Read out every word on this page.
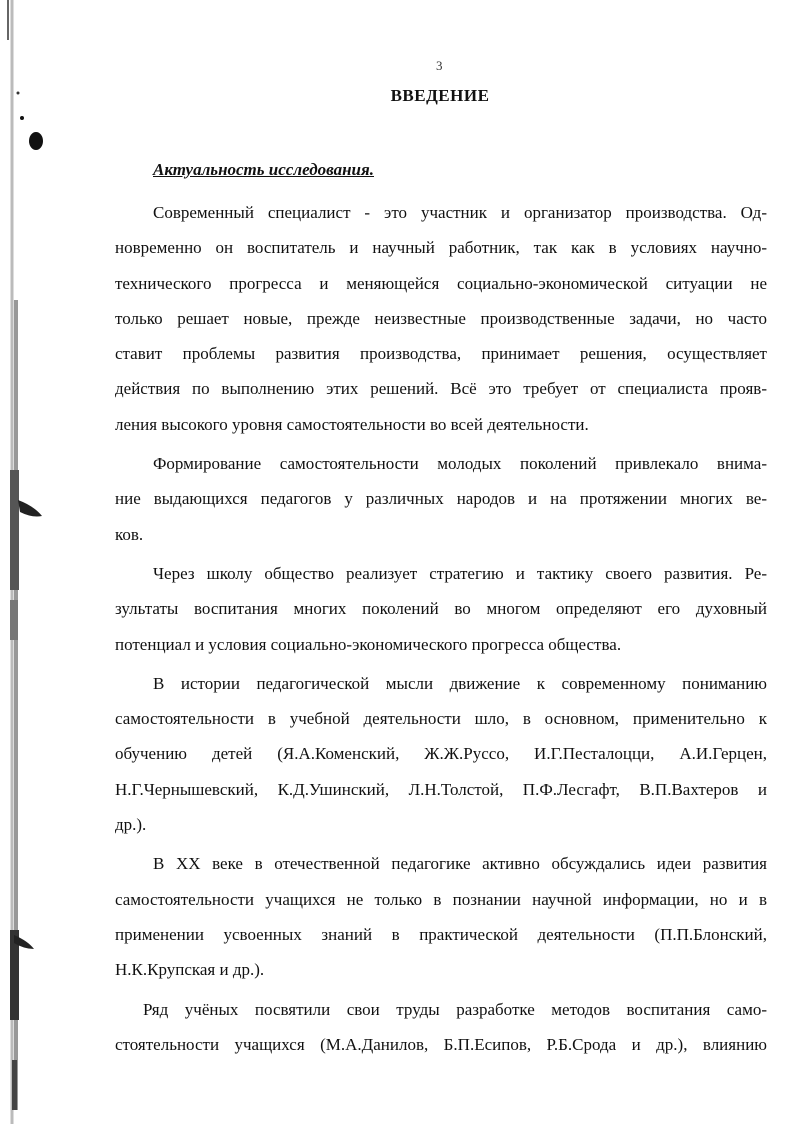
3
ВВЕДЕНИЕ
Актуальность исследования.
Современный специалист - это участник и организатор производства. Од-
новременно он воспитатель и научный работник, так как в условиях научно-
технического прогресса и меняющейся социально-экономической ситуации не
только решает новые, прежде неизвестные производственные задачи, но часто
ставит проблемы развития производства, принимает решения, осуществляет
действия по выполнению этих решений. Всё это требует от специалиста прояв-
ления высокого уровня самостоятельности во всей деятельности.
Формирование самостоятельности молодых поколений привлекало внима-
ние выдающихся педагогов у различных народов и на протяжении многих ве-
ков.
Через школу общество реализует стратегию и тактику своего развития. Ре-
зультаты воспитания многих поколений во многом определяют его духовный
потенциал и условия социально-экономического прогресса общества.
В истории педагогической мысли движение к современному пониманию
самостоятельности в учебной деятельности шло, в основном, применительно к
обучению детей (Я.А.Коменский, Ж.Ж.Руссо, И.Г.Песталоцци, А.И.Герцен,
Н.Г.Чернышевский, К.Д.Ушинский, Л.Н.Толстой, П.Ф.Лесгафт, В.П.Вахтеров и
др.).
В XX веке в отечественной педагогике активно обсуждались идеи развития
самостоятельности учащихся не только в познании научной информации, но и в
применении усвоенных знаний в практической деятельности (П.П.Блонский,
Н.К.Крупская и др.).
Ряд учёных посвятили свои труды разработке методов воспитания само-
стоятельности учащихся (М.А.Данилов, Б.П.Есипов, Р.Б.Срода и др.), влиянию
